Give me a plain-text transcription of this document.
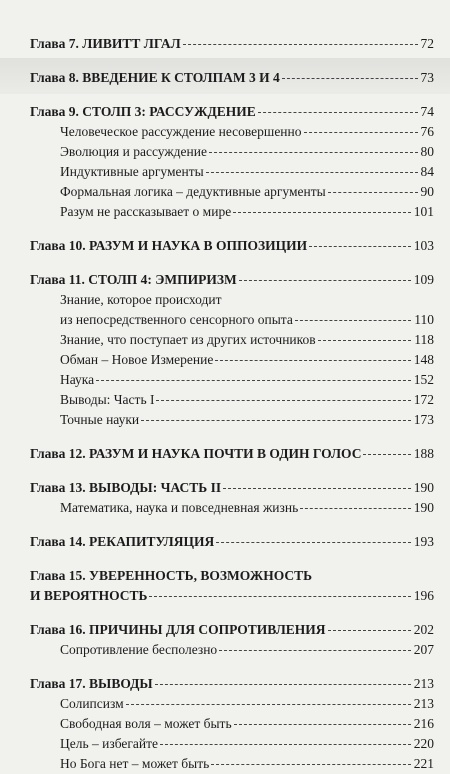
Глава 7. ЛИВИТТ ЛГАЛ	72
Глава 8. ВВЕДЕНИЕ К СТОЛПАМ 3 И 4	73
Глава 9. СТОЛП 3: РАССУЖДЕНИЕ	74
Человеческое рассуждение несовершенно	76
Эволюция и рассуждение	80
Индуктивные аргументы	84
Формальная логика – дедуктивные аргументы	90
Разум не рассказывает о мире	101
Глава 10. РАЗУМ И НАУКА В ОППОЗИЦИИ	103
Глава 11. СТОЛП 4: ЭМПИРИЗМ	109
Знание, которое происходит
из непосредственного сенсорного опыта	110
Знание, что поступает из других источников	118
Обман – Новое Измерение	148
Наука	152
Выводы: Часть I	172
Точные науки	173
Глава 12. РАЗУМ И НАУКА ПОЧТИ В ОДИН ГОЛОС	188
Глава 13. ВЫВОДЫ: ЧАСТЬ II	190
Математика, наука и повседневная жизнь	190
Глава 14. РЕКАПИТУЛЯЦИЯ	193
Глава 15. УВЕРЕННОСТЬ, ВОЗМОЖНОСТЬ
И ВЕРОЯТНОСТЬ	196
Глава 16. ПРИЧИНЫ ДЛЯ СОПРОТИВЛЕНИЯ	202
Сопротивление бесполезно	207
Глава 17. ВЫВОДЫ	213
Солипсизм	213
Свободная воля – может быть	216
Цель – избегайте	220
Но Бога нет – может быть	221
